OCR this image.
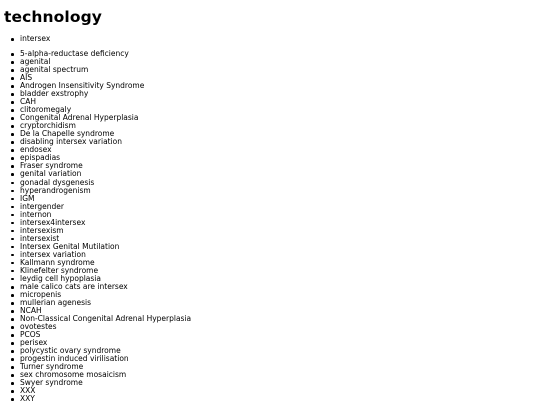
technology
intersex
5-alpha-reductase deficiency
agenital
agenital spectrum
AIS
Androgen Insensitivity Syndrome
bladder exstrophy
CAH
clitoromegaly
Congenital Adrenal Hyperplasia
cryptorchidism
De la Chapelle syndrome
disabling intersex variation
endosex
epispadias
Fraser syndrome
genital variation
gonadal dysgenesis
hyperandrogenism
IGM
intergender
internon
intersex4intersex
intersexism
intersexist
Intersex Genital Mutilation
intersex variation
Kallmann syndrome
Klinefelter syndrome
leydig cell hypoplasia
male calico cats are intersex
micropenis
mullerian agenesis
NCAH
Non-Classical Congenital Adrenal Hyperplasia
ovotestes
PCOS
perisex
polycystic ovary syndrome
progestin induced virilisation
Turner syndrome
sex chromosome mosaicism
Swyer syndrome
XXX
XXY
